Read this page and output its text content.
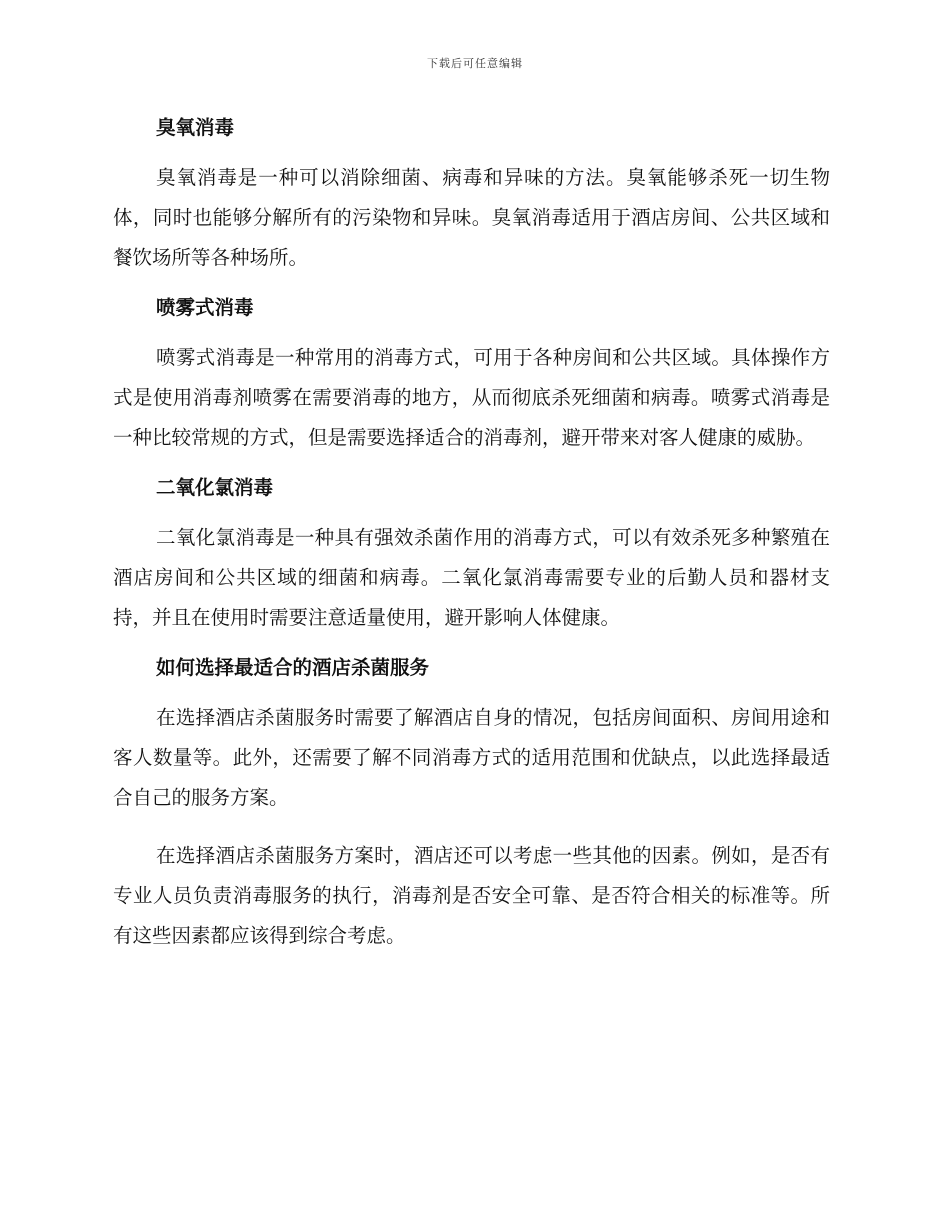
下载后可任意编辑
臭氧消毒

臭氧消毒是一种可以消除细菌、病毒和异味的方法。臭氧能够杀死一切生物体，同时也能够分解所有的污染物和异味。臭氧消毒适用于酒店房间、公共区域和餐饮场所等各种场所。

喷雾式消毒

喷雾式消毒是一种常用的消毒方式，可用于各种房间和公共区域。具体操作方式是使用消毒剂喷雾在需要消毒的地方，从而彻底杀死细菌和病毒。喷雾式消毒是一种比较常规的方式，但是需要选择适合的消毒剂，避开带来对客人健康的威胁。

二氧化氯消毒

二氧化氯消毒是一种具有强效杀菌作用的消毒方式，可以有效杀死多种繁殖在酒店房间和公共区域的细菌和病毒。二氧化氯消毒需要专业的后勤人员和器材支持，并且在使用时需要注意适量使用，避开影响人体健康。

如何选择最适合的酒店杀菌服务

在选择酒店杀菌服务时需要了解酒店自身的情况，包括房间面积、房间用途和客人数量等。此外，还需要了解不同消毒方式的适用范围和优缺点，以此选择最适合自己的服务方案。

在选择酒店杀菌服务方案时，酒店还可以考虑一些其他的因素。例如，是否有专业人员负责消毒服务的执行，消毒剂是否安全可靠、是否符合相关的标准等。所有这些因素都应该得到综合考虑。
